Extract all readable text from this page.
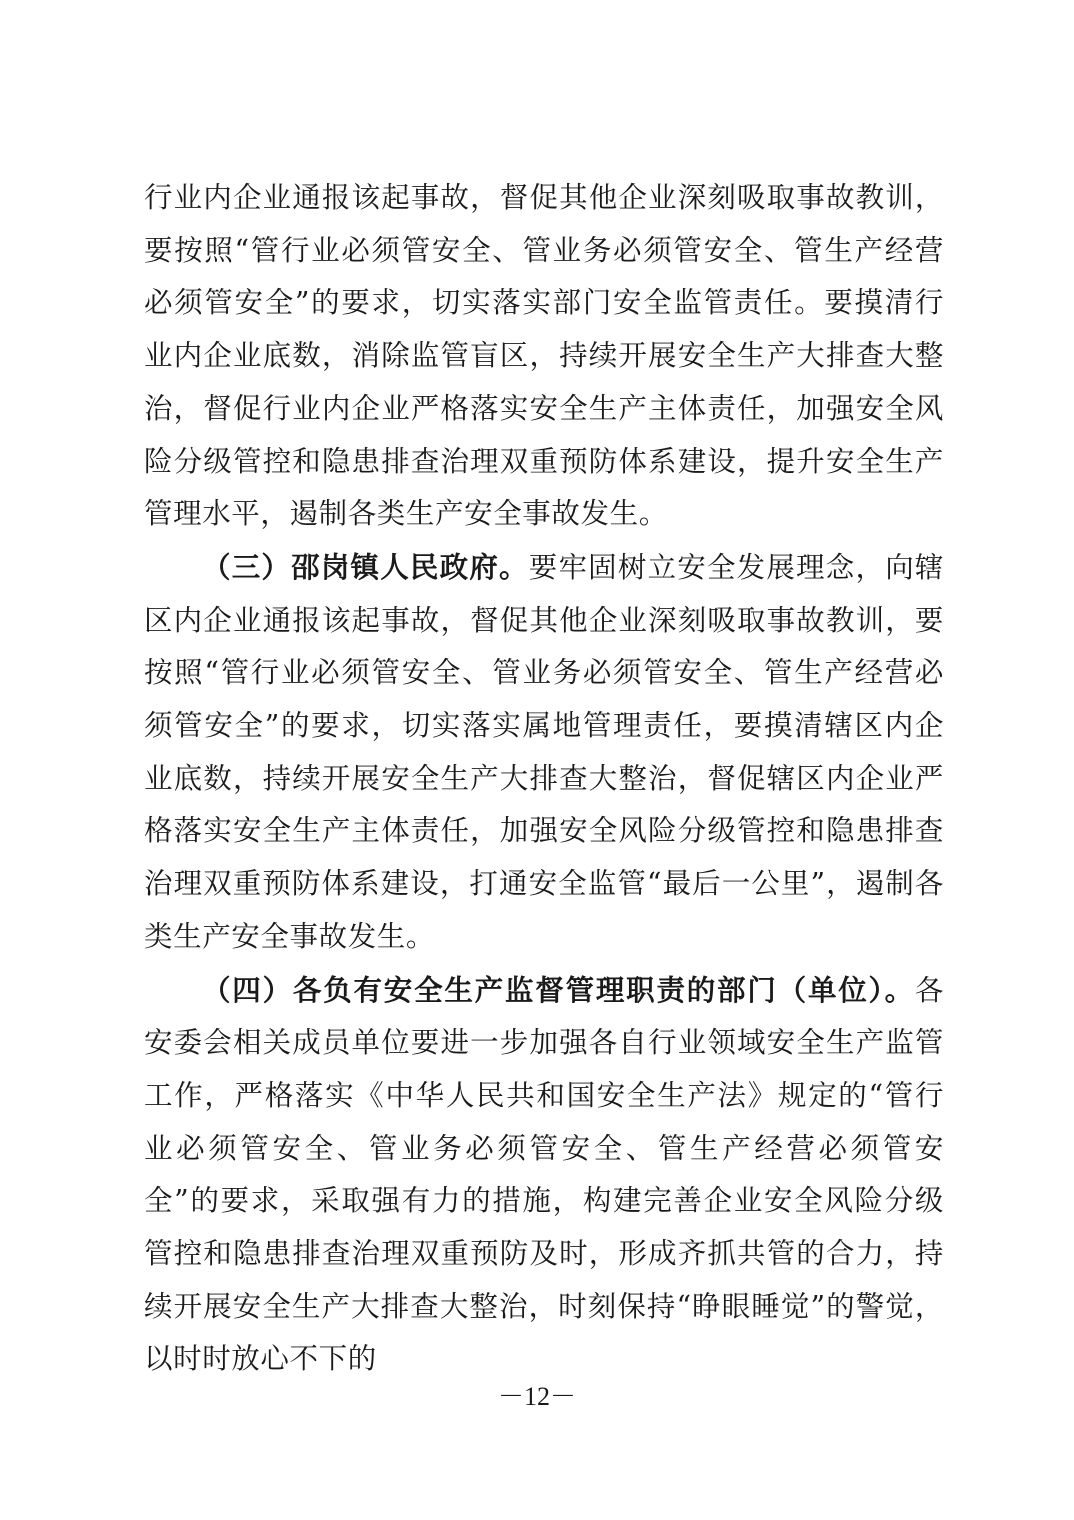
行业内企业通报该起事故，督促其他企业深刻吸取事故教训，要按照“管行业必须管安全、管业务必须管安全、管生产经营必须管安全”的要求，切实落实部门安全监管责任。要摸清行业内企业底数，消除监管盲区，持续开展安全生产大排查大整治，督促行业内企业严格落实安全生产主体责任，加强安全风险分级管控和隐患排查治理双重预防体系建设，提升安全生产管理水平，遏制各类生产安全事故发生。

（三）邵岗镇人民政府。要牢固树立安全发展理念，向辖区内企业通报该起事故，督促其他企业深刻吸取事故教训，要按照“管行业必须管安全、管业务必须管安全、管生产经营必须管安全”的要求，切实落实属地管理责任，要摸清辖区内企业底数，持续开展安全生产大排查大整治，督促辖区内企业严格落实安全生产主体责任，加强安全风险分级管控和隐患排查治理双重预防体系建设，打通安全监管“最后一公里”，遏制各类生产安全事故发生。

（四）各负有安全生产监督管理职责的部门（单位）。各安委会相关成员单位要进一步加强各自行业领域安全生产监管工作，严格落实《中华人民共和国安全生产法》规定的“管行业必须管安全、管业务必须管安全、管生产经营必须管安全”的要求，采取强有力的措施，构建完善企业安全风险分级管控和隐患排查治理双重预防及时，形成齐抓共管的合力，持续开展安全生产大排查大整治，时刻保持“睁眼睡觉”的警觉，以时时放心不下的

－12－
